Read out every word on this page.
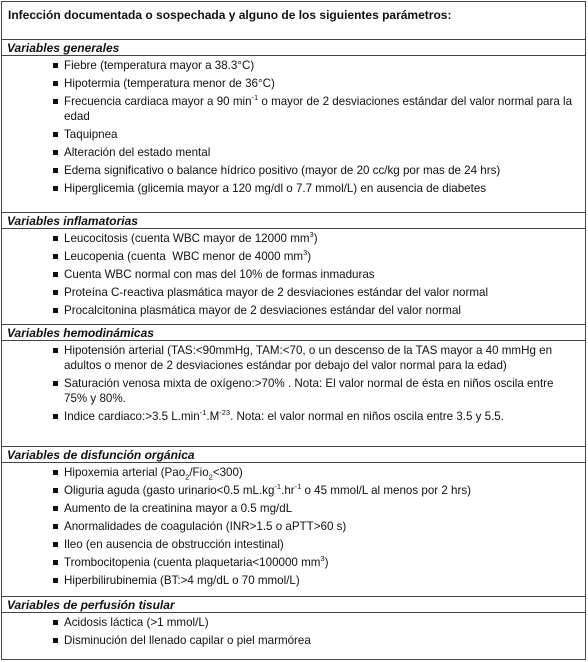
Infección documentada o sospechada y alguno de los siguientes parámetros:
Variables generales
Fiebre (temperatura mayor a 38.3°C)
Hipotermia (temperatura menor de 36°C)
Frecuencia cardiaca mayor a 90 $\min^{-1} o$ mayor de 2 desviaciones estándar del valor normal para la edad
Taquipnea
Alteración del estado mental
Edema significativo o balance hídrico positivo (mayor de 20 cc/kg por mas de 24 hrs)
Hiperglicemia (glicemia mayor a 120 mg/dl o 7.7 mmol/L) en ausencia de diabetes
Variables inflamatorias
Leucocitosis (cuenta WBC mayor de 12000 $mm^3$)
Leucopenia (cuenta  WBC menor de 4000 $mm^3$)
Cuenta WBC normal con mas del 10% de formas inmaduras
Proteína C-reactiva plasmática mayor de 2 desviaciones estándar del valor normal
Procalcitonina plasmática mayor de 2 desviaciones estándar del valor normal
Variables hemodinámicas
Hipotensión arterial (TAS:<90mmHg, TAM:<70, o un descenso de la TAS mayor a 40 mmHg en adultos o menor de 2 desviaciones estándar por debajo del valor normal para la edad)
Saturación venosa mixta de oxígeno:>70% . Nota: El valor normal de ésta en niños oscila entre 75% y 80%.
Indice cardiaco:>3.5 $L.\min^{-1}.M^{-23}$. Nota: el valor normal en niños oscila entre 3.5 y 5.5.
Variables de disfunción orgánica
Hipoxemia arterial (Pao$_2$/Fio$_2$<300)
Oliguria aguda (gasto urinario<0.5 $mL.kg^{-1}.hr^{-1}$ o 45 mmol/L al menos por 2 hrs)
Aumento de la creatinina mayor a 0.5 mg/dL
Anormalidades de coagulación (INR>1.5 o aPTT>60 s)
Ileo (en ausencia de obstrucción intestinal)
Trombocitopenia (cuenta plaquetaria<100000 $mm^3$)
Hiperbilirubinemia (BT:>4 mg/dL o 70 mmol/L)
Variables de perfusión tisular
Acidosis láctica (>1 mmol/L)
Disminución del llenado capilar o piel marmórea
